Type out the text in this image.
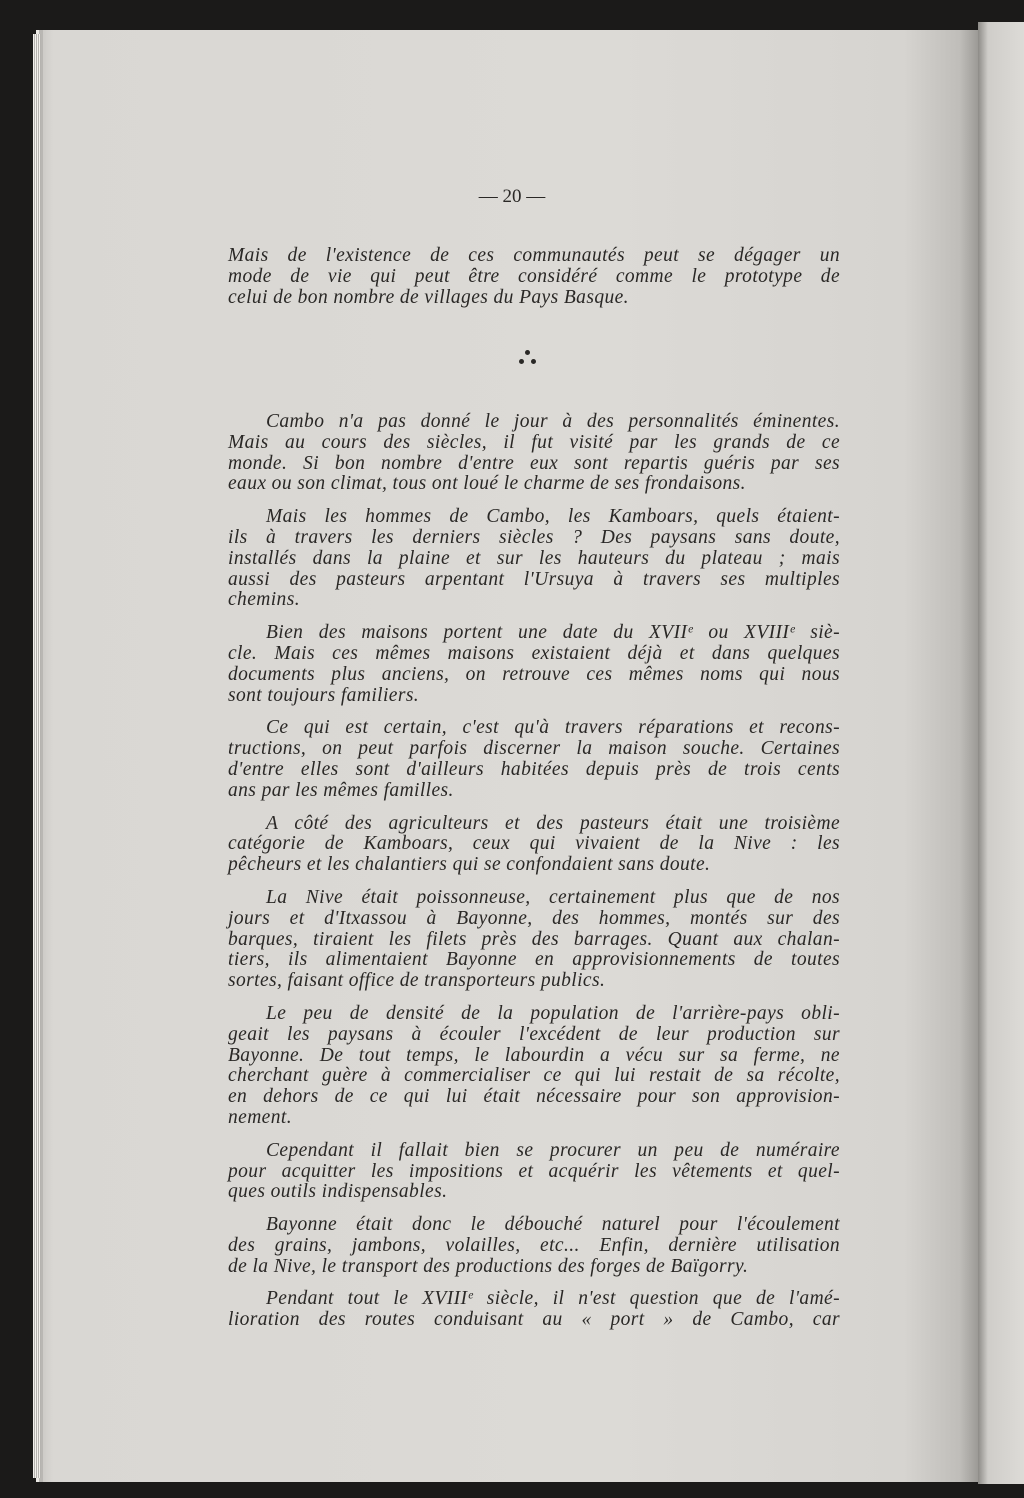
— 20 —
Mais de l'existence de ces communautés peut se dégager un
mode de vie qui peut être considéré comme le prototype de
celui de bon nombre de villages du Pays Basque.
Cambo n'a pas donné le jour à des personnalités éminentes.
Mais au cours des siècles, il fut visité par les grands de ce
monde. Si bon nombre d'entre eux sont repartis guéris par ses
eaux ou son climat, tous ont loué le charme de ses frondaisons.
Mais les hommes de Cambo, les Kamboars, quels étaient-
ils à travers les derniers siècles ? Des paysans sans doute,
installés dans la plaine et sur les hauteurs du plateau ; mais
aussi des pasteurs arpentant l'Ursuya à travers ses multiples
chemins.
Bien des maisons portent une date du XVIIᵉ ou XVIIIᵉ siè-
cle. Mais ces mêmes maisons existaient déjà et dans quelques
documents plus anciens, on retrouve ces mêmes noms qui nous
sont toujours familiers.
Ce qui est certain, c'est qu'à travers réparations et recons-
tructions, on peut parfois discerner la maison souche. Certaines
d'entre elles sont d'ailleurs habitées depuis près de trois cents
ans par les mêmes familles.
A côté des agriculteurs et des pasteurs était une troisième
catégorie de Kamboars, ceux qui vivaient de la Nive : les
pêcheurs et les chalantiers qui se confondaient sans doute.
La Nive était poissonneuse, certainement plus que de nos
jours et d'Itxassou à Bayonne, des hommes, montés sur des
barques, tiraient les filets près des barrages. Quant aux chalan-
tiers, ils alimentaient Bayonne en approvisionnements de toutes
sortes, faisant office de transporteurs publics.
Le peu de densité de la population de l'arrière-pays obli-
geait les paysans à écouler l'excédent de leur production sur
Bayonne. De tout temps, le labourdin a vécu sur sa ferme, ne
cherchant guère à commercialiser ce qui lui restait de sa récolte,
en dehors de ce qui lui était nécessaire pour son approvision-
nement.
Cependant il fallait bien se procurer un peu de numéraire
pour acquitter les impositions et acquérir les vêtements et quel-
ques outils indispensables.
Bayonne était donc le débouché naturel pour l'écoulement
des grains, jambons, volailles, etc... Enfin, dernière utilisation
de la Nive, le transport des productions des forges de Baïgorry.
Pendant tout le XVIIIᵉ siècle, il n'est question que de l'amé-
lioration des routes conduisant au « port » de Cambo, car
